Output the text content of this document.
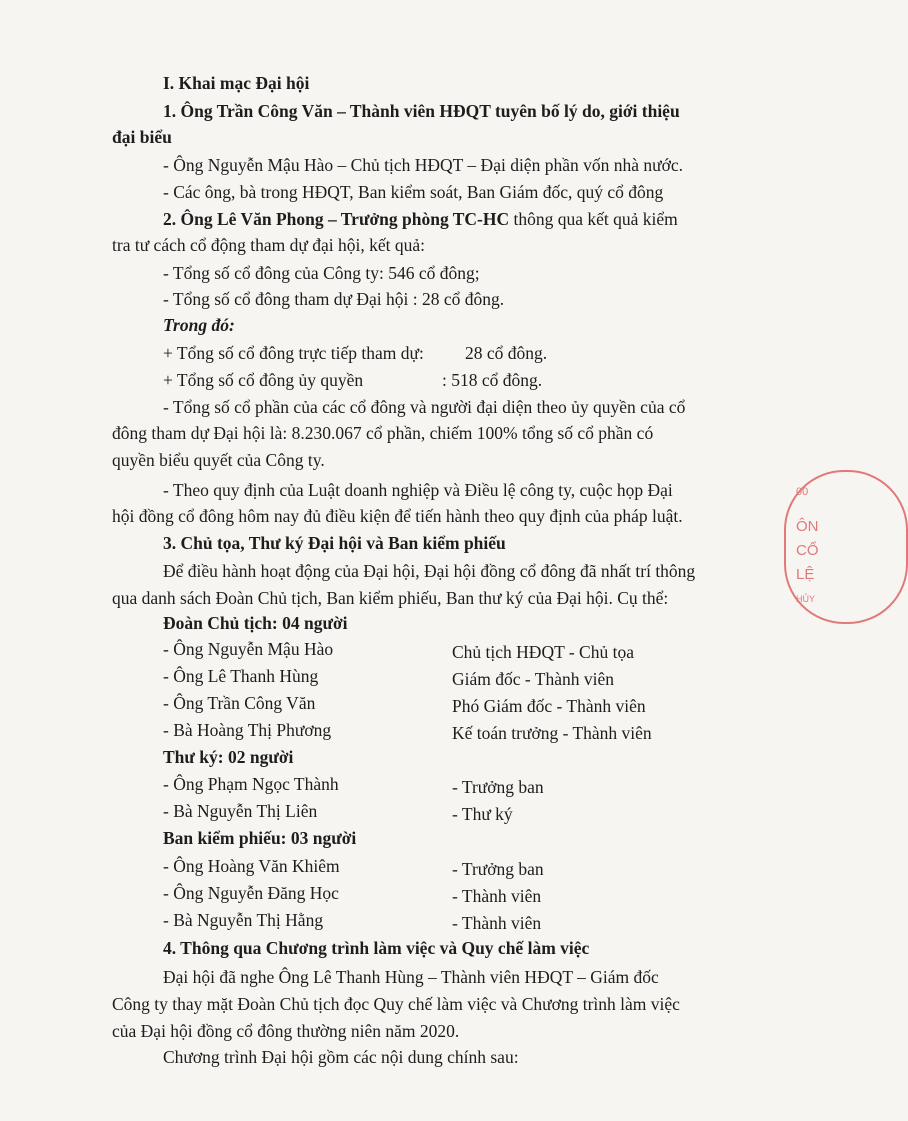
I. Khai mạc Đại hội
1. Ông Trần Công Văn – Thành viên HĐQT tuyên bố lý do, giới thiệu
đại biểu
- Ông Nguyễn Mậu Hào – Chủ tịch HĐQT – Đại diện phần vốn nhà nước.
- Các ông, bà trong HĐQT, Ban kiểm soát, Ban Giám đốc, quý cổ đông
2. Ông Lê Văn Phong – Trưởng phòng TC-HC thông qua kết quả kiểm
tra tư cách cổ động tham dự đại hội, kết quả:
- Tổng số cổ đông của Công ty: 546 cổ đông;
- Tổng số cổ đông tham dự Đại hội : 28 cổ đông.
Trong đó:
+ Tổng số cổ đông trực tiếp tham dự: 28 cổ đông.
+ Tổng số cổ đông ủy quyền	: 518 cổ đông.
- Tổng số cổ phần của các cổ đông và người đại diện theo ủy quyền của cổ
đông tham dự Đại hội là: 8.230.067 cổ phần, chiếm 100% tổng số cổ phần có
quyền biểu quyết của Công ty.
- Theo quy định của Luật doanh nghiệp và Điều lệ công ty, cuộc họp Đại
hội đồng cổ đông hôm nay đủ điều kiện để tiến hành theo quy định của pháp luật.
3. Chủ tọa, Thư ký Đại hội và Ban kiểm phiếu
Để điều hành hoạt động của Đại hội, Đại hội đồng cổ đông đã nhất trí thông
qua danh sách Đoàn Chủ tịch, Ban kiểm phiếu, Ban thư ký của Đại hội. Cụ thể:
Đoàn Chủ tịch: 04 người
- Ông Nguyễn Mậu Hào	Chủ tịch HĐQT - Chủ tọa
- Ông Lê Thanh Hùng	Giám đốc - Thành viên
- Ông Trần Công Văn	Phó Giám đốc - Thành viên
- Bà Hoàng Thị Phương	Kế toán trưởng - Thành viên
Thư ký: 02 người
- Ông Phạm Ngọc Thành	- Trưởng ban
- Bà Nguyễn Thị Liên	- Thư ký
Ban kiểm phiếu: 03 người
- Ông Hoàng Văn Khiêm	- Trưởng ban
- Ông Nguyễn Đăng Học	- Thành viên
- Bà Nguyễn Thị Hằng	- Thành viên
4. Thông qua Chương trình làm việc và Quy chế làm việc
Đại hội đã nghe Ông Lê Thanh Hùng – Thành viên HĐQT – Giám đốc
Công ty thay mặt Đoàn Chủ tịch đọc Quy chế làm việc và Chương trình làm việc
của Đại hội đồng cổ đông thường niên năm 2020.
Chương trình Đại hội gồm các nội dung chính sau:
00
ÔN
CỔ
LỆ
HỦY
